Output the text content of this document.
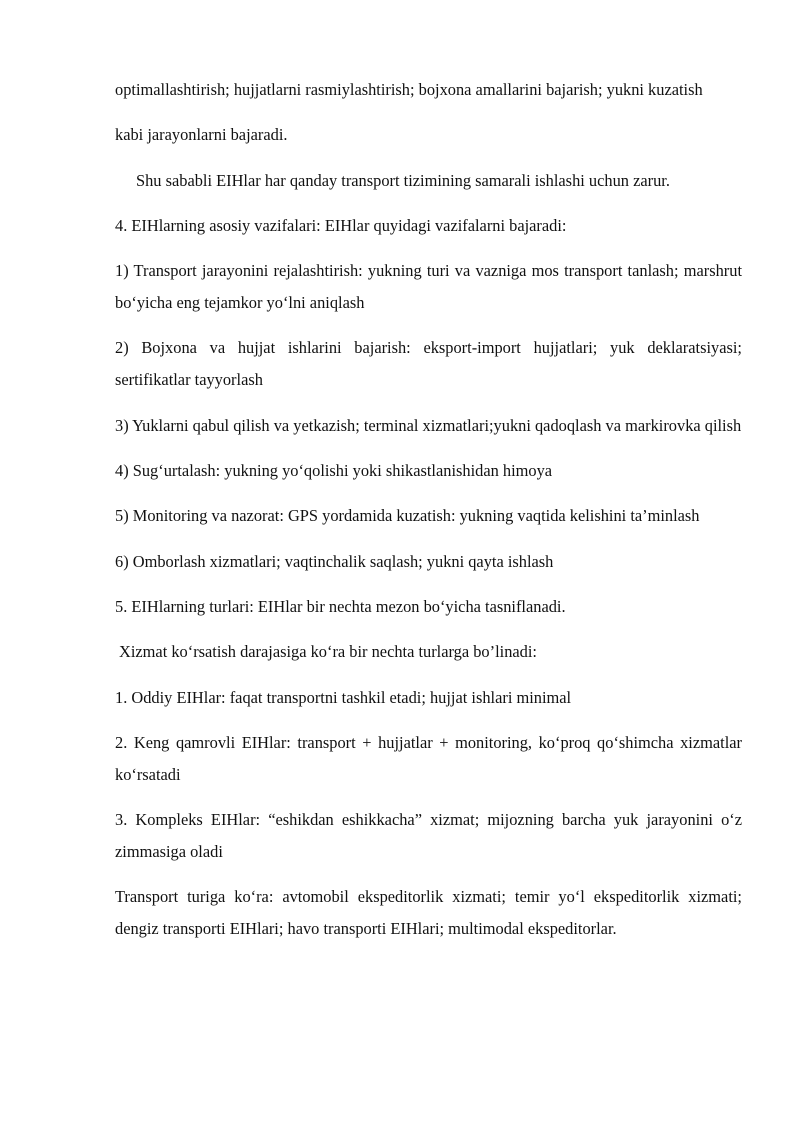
optimallashtirish; hujjatlarni rasmiylashtirish; bojxona amallarini bajarish; yukni kuzatish

kabi jarayonlarni bajaradi.

Shu sababli EIHlar har qanday transport tizimining samarali ishlashi uchun zarur.

4. EIHlarning asosiy vazifalari: EIHlar quyidagi vazifalarni bajaradi:

1) Transport jarayonini rejalashtirish: yukning turi va vazniga mos transport tanlash; marshrut bo‘yicha eng tejamkor yo‘lni aniqlash

2) Bojxona va hujjat ishlarini bajarish: eksport-import hujjatlari; yuk deklaratsiyasi; sertifikatlar tayyorlash

3) Yuklarni qabul qilish va yetkazish; terminal xizmatlari;yukni qadoqlash va markirovka qilish

4) Sug‘urtalash: yukning yo‘qolishi yoki shikastlanishidan himoya

5) Monitoring va nazorat: GPS yordamida kuzatish: yukning vaqtida kelishini ta’minlash

6) Omborlash xizmatlari; vaqtinchalik saqlash; yukni qayta ishlash

5. EIHlarning turlari: EIHlar bir nechta mezon bo‘yicha tasniflanadi.

Xizmat ko‘rsatish darajasiga ko‘ra bir nechta turlarga bo’linadi:

1. Oddiy EIHlar: faqat transportni tashkil etadi; hujjat ishlari minimal

2. Keng qamrovli EIHlar: transport + hujjatlar + monitoring, ko‘proq qo‘shimcha xizmatlar ko‘rsatadi

3. Kompleks EIHlar: “eshikdan eshikkacha” xizmat; mijozning barcha yuk jarayonini o‘z zimmasiga oladi

Transport turiga ko‘ra: avtomobil ekspeditorlik xizmati; temir yo‘l ekspeditorlik xizmati; dengiz transporti EIHlari; havo transporti EIHlari; multimodal ekspeditorlar.
